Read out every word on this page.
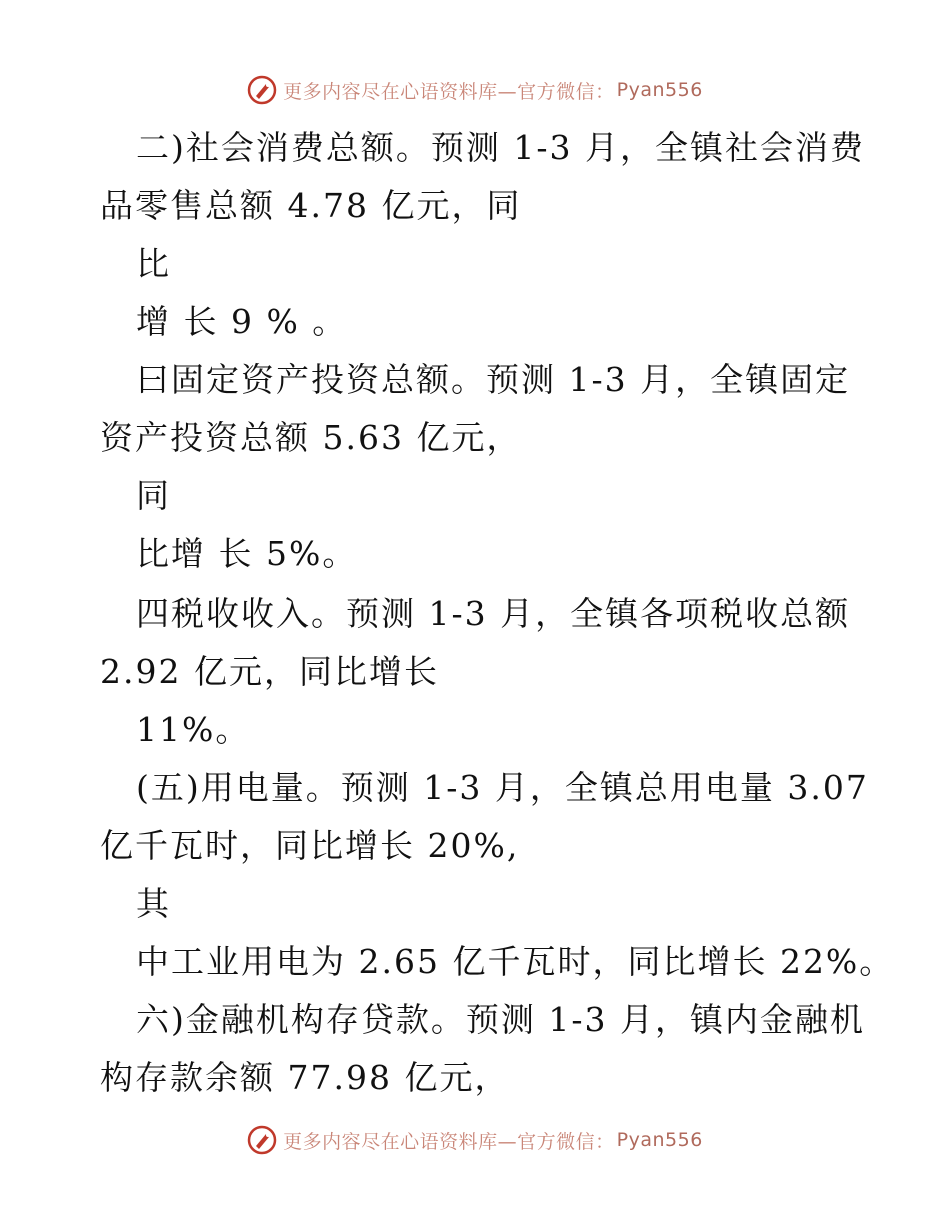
更多内容尽在心语资料库—官方微信： Pyan556
二)社会消费总额。预测 1-3 月，全镇社会消费
品零售总额 4.78 亿元，同
比
增 长 9 % 。
曰固定资产投资总额。预测 1-3 月，全镇固定
资产投资总额 5.63 亿元，
同
比增 长 5%。
四税收收入。预测 1-3 月，全镇各项税收总额
2.92 亿元，同比增长
11%。
(五)用电量。预测 1-3 月，全镇总用电量 3.07
亿千瓦时，同比增长 20%,
其
中工业用电为 2.65 亿千瓦时，同比增长 22%。
六)金融机构存贷款。预测 1-3 月，镇内金融机
构存款余额 77.98 亿元，
更多内容尽在心语资料库—官方微信： Pyan556
